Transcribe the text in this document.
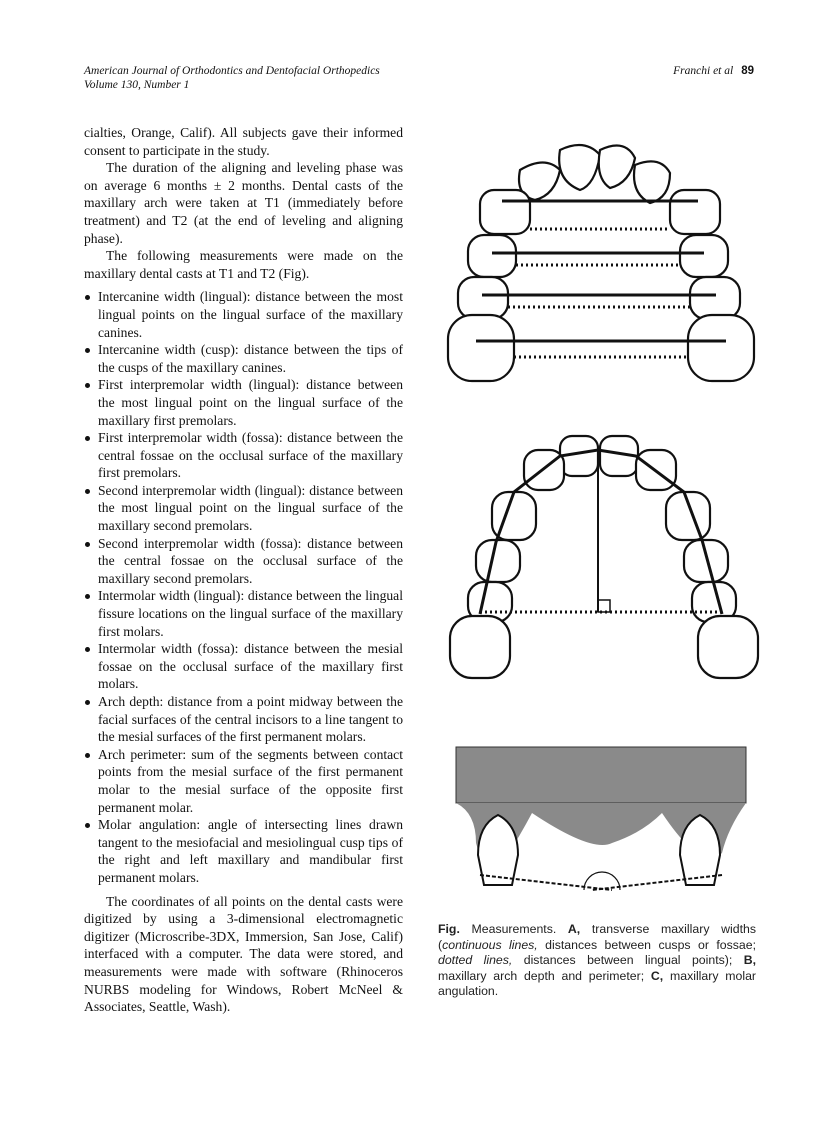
American Journal of Orthodontics and Dentofacial Orthopedics
Volume 130, Number 1
Franchi et al 89

cialties, Orange, Calif). All subjects gave their informed consent to participate in the study.

The duration of the aligning and leveling phase was on average 6 months ± 2 months. Dental casts of the maxillary arch were taken at T1 (immediately before treatment) and T2 (at the end of leveling and aligning phase).

The following measurements were made on the maxillary dental casts at T1 and T2 (Fig).

Intercanine width (lingual): distance between the most lingual points on the lingual surface of the maxillary canines.
Intercanine width (cusp): distance between the tips of the cusps of the maxillary canines.
First interpremolar width (lingual): distance between the most lingual point on the lingual surface of the maxillary first premolars.
First interpremolar width (fossa): distance between the central fossae on the occlusal surface of the maxillary first premolars.
Second interpremolar width (lingual): distance between the most lingual point on the lingual surface of the maxillary second premolars.
Second interpremolar width (fossa): distance between the central fossae on the occlusal surface of the maxillary second premolars.
Intermolar width (lingual): distance between the lingual fissure locations on the lingual surface of the maxillary first molars.
Intermolar width (fossa): distance between the mesial fossae on the occlusal surface of the maxillary first molars.
Arch depth: distance from a point midway between the facial surfaces of the central incisors to a line tangent to the mesial surfaces of the first permanent molars.
Arch perimeter: sum of the segments between contact points from the mesial surface of the first permanent molar to the mesial surface of the opposite first permanent molar.
Molar angulation: angle of intersecting lines drawn tangent to the mesiofacial and mesiolingual cusp tips of the right and left maxillary and mandibular first permanent molars.

The coordinates of all points on the dental casts were digitized by using a 3-dimensional electromagnetic digitizer (Microscribe-3DX, Immersion, San Jose, Calif) interfaced with a computer. The data were stored, and measurements were made with software (Rhinoceros NURBS modeling for Windows, Robert McNeel & Associates, Seattle, Wash).

Fig. Measurements. A, transverse maxillary widths (continuous lines, distances between cusps or fossae; dotted lines, distances between lingual points); B, maxillary arch depth and perimeter; C, maxillary molar angulation.
